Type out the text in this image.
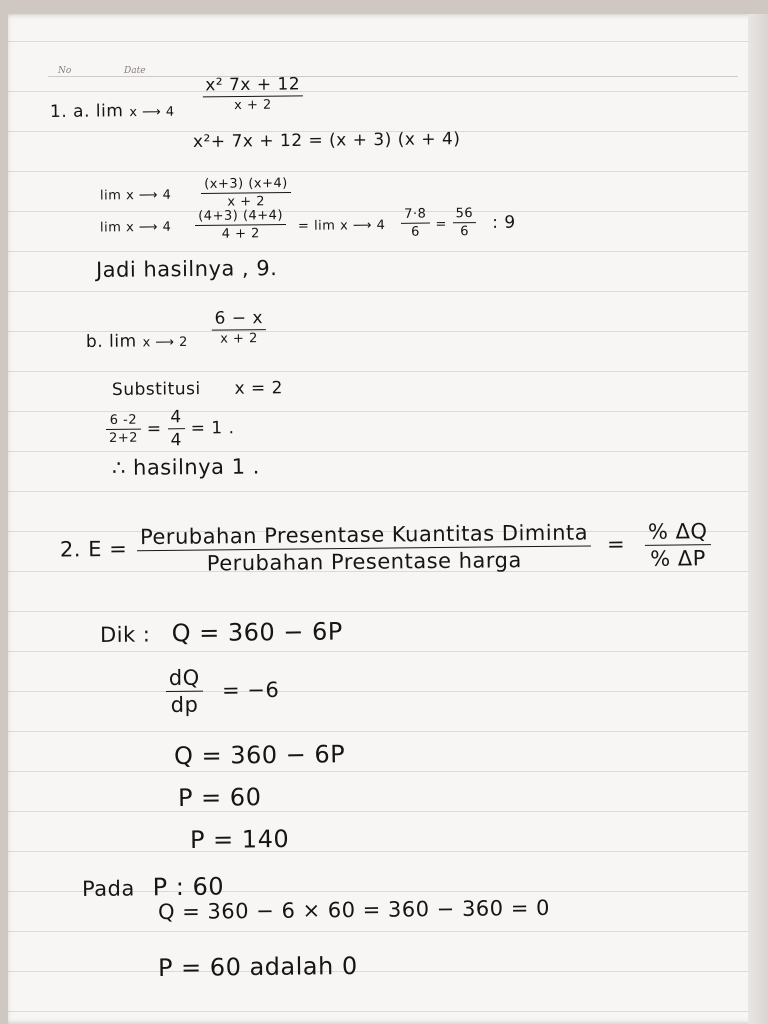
No	Date
1. a. lim x ⟶ $4 \frac{\text{x² 7x + 12}}{x + 2}$
x²+ 7x + 12 = (x + 3) (x + 4)
lim x ⟶ $4 \frac{(x+3) (x+4)}{x + 2}$
lim x ⟶ $4 \frac{(4+3) (4+4)}{4 + 2} = \lim x$ ⟶ $4 \frac{7\cdot 8}{6} = \frac{56}{6}$ : 9
Jadi hasilnya , 9.
b. lim x ⟶ $2 \frac{6 - x}{x + 2}$
Substitusi x = 2
$\frac{6 -2}{2+2} = \frac{4}{4} = 1$ .
∴ hasilnya 1 .
2. E = Perubahan Presentase Kuantitas Diminta
Perubahan Presentase harga
= $\frac{\% \Delta Q}{\% \Delta P}$
Dik : Q = 360 − 6P
$\frac{dQ}{dp} = -6$
Q = 360 − 6P
P = 60
P = 140
Pada P : 60
Q = 360 − 6 × 60 = 360 − 360 = 0
P = 60 adalah 0
